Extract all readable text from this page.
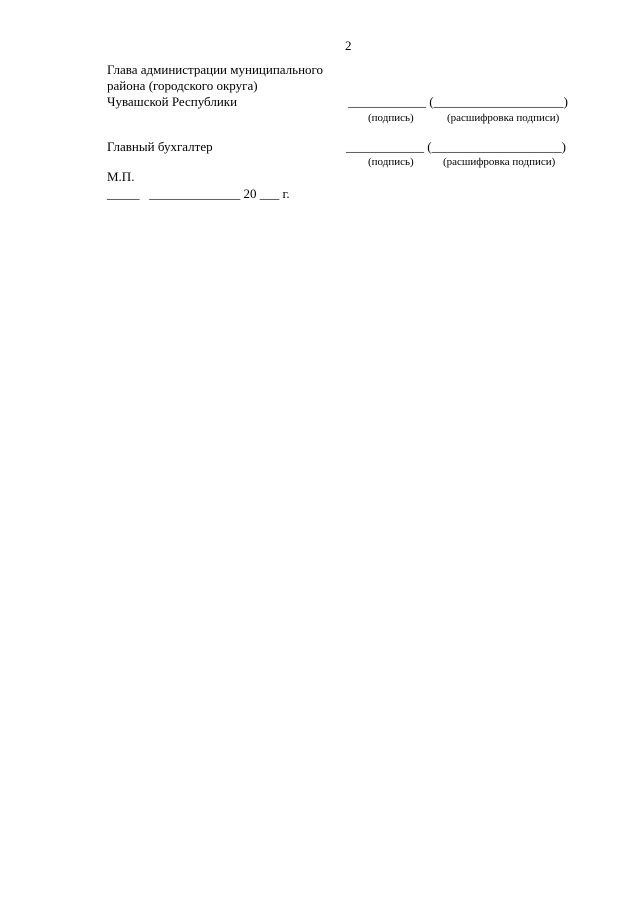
2
Глава администрации муниципального
района (городского округа)
Чувашской Республики	____________ (____________________)
(подпись)	(расшифровка подписи)
Главный бухгалтер	____________ (____________________)
(подпись)	(расшифровка подписи)
М.П.
_____   ______________ 20 ___ г.
